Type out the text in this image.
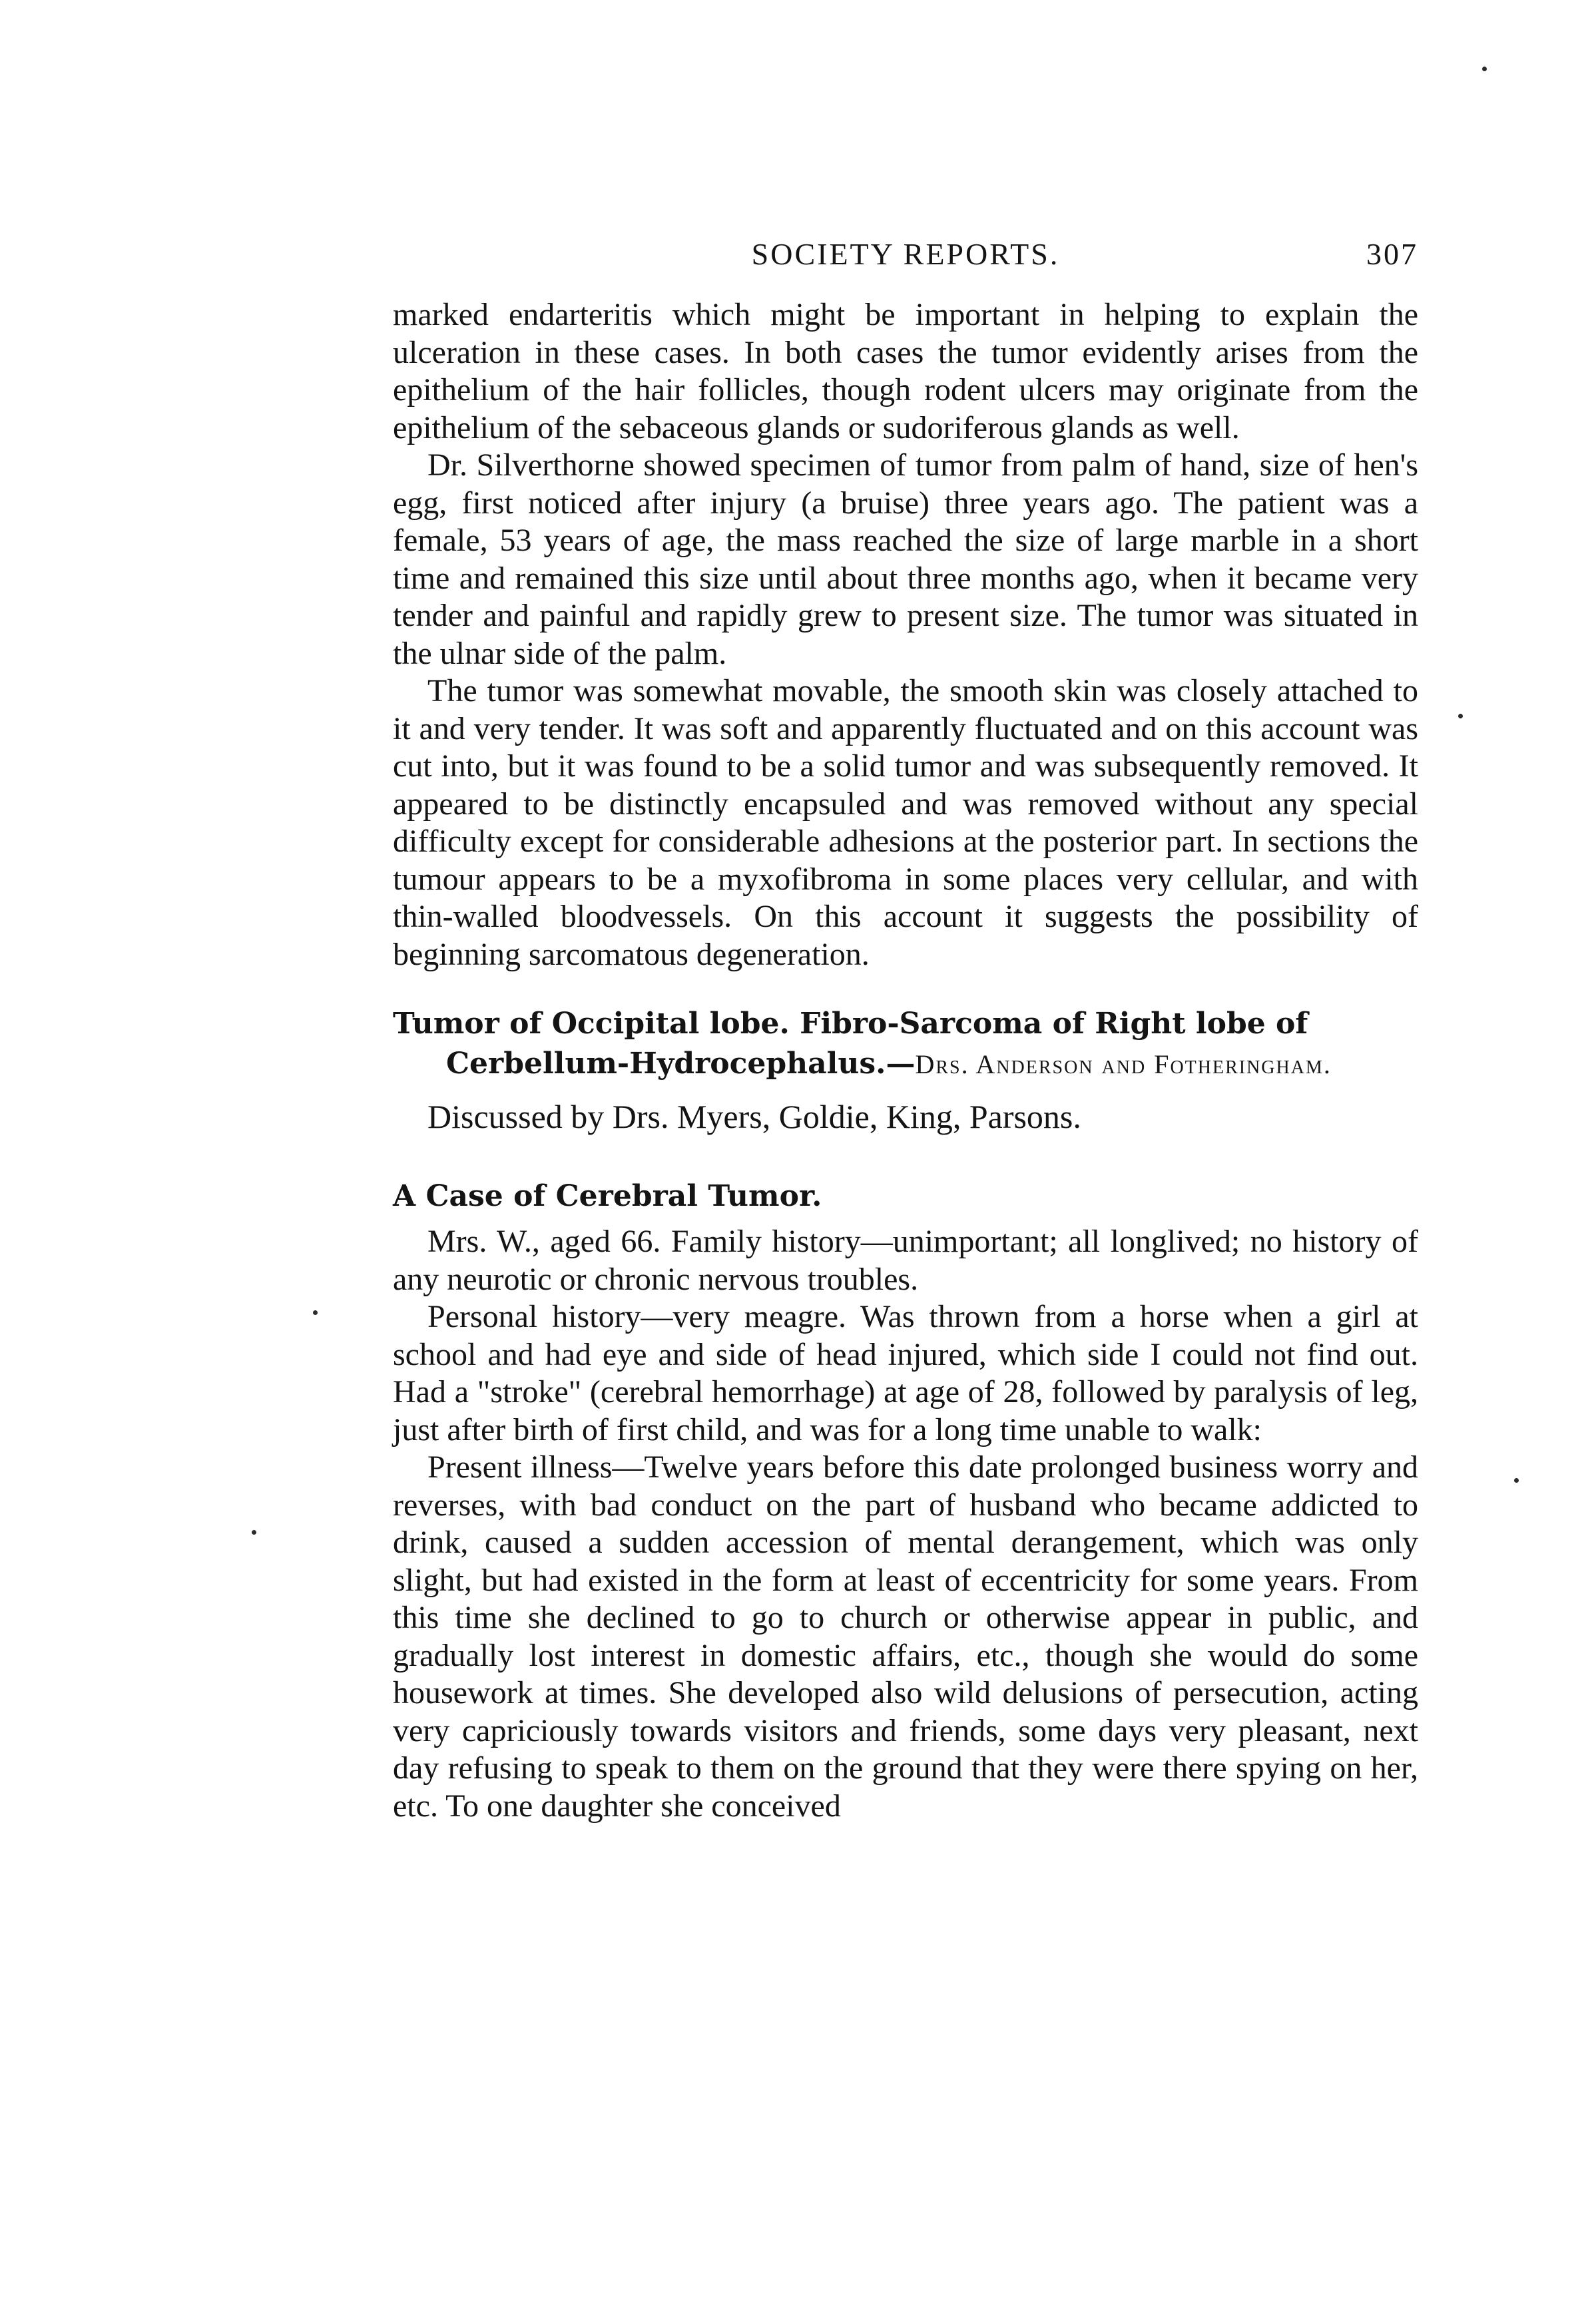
SOCIETY REPORTS.	307

marked endarteritis which might be important in helping to explain the ulceration in these cases. In both cases the tumor evidently arises from the epithelium of the hair follicles, though rodent ulcers may originate from the epithelium of the sebaceous glands or sudoriferous glands as well.

Dr. Silverthorne showed specimen of tumor from palm of hand, size of hen's egg, first noticed after injury (a bruise) three years ago. The patient was a female, 53 years of age, the mass reached the size of large marble in a short time and remained this size until about three months ago, when it became very tender and painful and rapidly grew to present size. The tumor was situated in the ulnar side of the palm.

The tumor was somewhat movable, the smooth skin was closely attached to it and very tender. It was soft and apparently fluctuated and on this account was cut into, but it was found to be a solid tumor and was subsequently removed. It appeared to be distinctly encapsuled and was removed without any special difficulty except for considerable adhesions at the posterior part. In sections the tumour appears to be a myxofibroma in some places very cellular, and with thin-walled bloodvessels. On this account it suggests the possibility of beginning sarcomatous degeneration.

Tumor of Occipital lobe. Fibro-Sarcoma of Right lobe of Cerbellum-Hydrocephalus.—Drs. Anderson and Fotheringham.
Discussed by Drs. Myers, Goldie, King, Parsons.
A Case of Cerebral Tumor.

Mrs. W., aged 66. Family history—unimportant; all longlived; no history of any neurotic or chronic nervous troubles.

Personal history—very meagre. Was thrown from a horse when a girl at school and had eye and side of head injured, which side I could not find out. Had a "stroke" (cerebral hemorrhage) at age of 28, followed by paralysis of leg, just after birth of first child, and was for a long time unable to walk:

Present illness—Twelve years before this date prolonged business worry and reverses, with bad conduct on the part of husband who became addicted to drink, caused a sudden accession of mental derangement, which was only slight, but had existed in the form at least of eccentricity for some years. From this time she declined to go to church or otherwise appear in public, and gradually lost interest in domestic affairs, etc., though she would do some housework at times. She developed also wild delusions of persecution, acting very capriciously towards visitors and friends, some days very pleasant, next day refusing to speak to them on the ground that they were there spying on her, etc. To one daughter she conceived
